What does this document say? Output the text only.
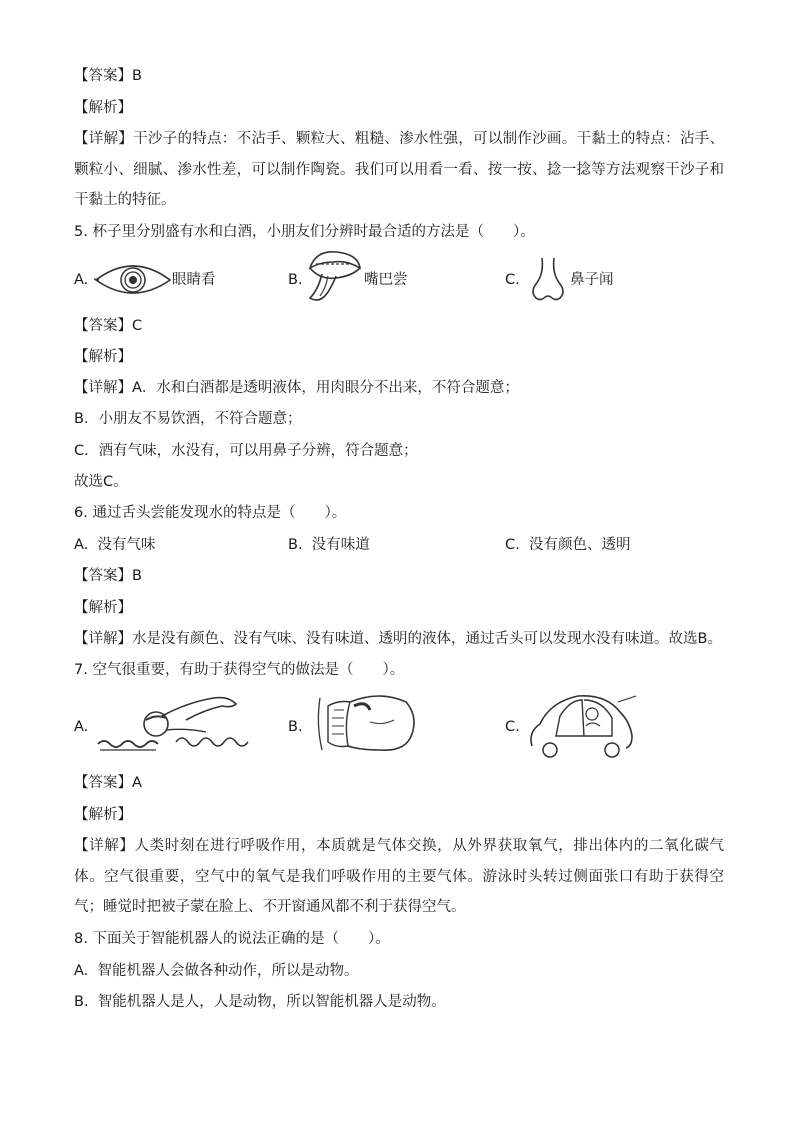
【答案】B
【解析】
【详解】干沙子的特点：不沾手、颗粒大、粗糙、渗水性强，可以制作沙画。干黏土的特点：沾手、颗粒小、细腻、渗水性差，可以制作陶瓷。我们可以用看一看、按一按、捻一捻等方法观察干沙子和干黏土的特征。
5. 杯子里分别盛有水和白酒，小朋友们分辨时最合适的方法是（　　）。
A.	眼睛看	B.	嘴巴尝	C.	鼻子闻
【答案】C
【解析】
【详解】A．水和白酒都是透明液体，用肉眼分不出来，不符合题意；
B．小朋友不易饮酒，不符合题意；
C．酒有气味，水没有，可以用鼻子分辨，符合题意；
故选C。
6. 通过舌头尝能发现水的特点是（　　）。
A. 没有气味	B. 没有味道	C. 没有颜色、透明
【答案】B
【解析】
【详解】水是没有颜色、没有气味、没有味道、透明的液体，通过舌头可以发现水没有味道。故选B。
7. 空气很重要，有助于获得空气的做法是（　　）。
A.	B.	C.
【答案】A
【解析】
【详解】人类时刻在进行呼吸作用，本质就是气体交换，从外界获取氧气，排出体内的二氧化碳气体。空气很重要，空气中的氧气是我们呼吸作用的主要气体。游泳时头转过侧面张口有助于获得空气；睡觉时把被子蒙在脸上、不开窗通风都不利于获得空气。
8. 下面关于智能机器人的说法正确的是（　　）。
A. 智能机器人会做各种动作，所以是动物。
B. 智能机器人是人，人是动物，所以智能机器人是动物。
